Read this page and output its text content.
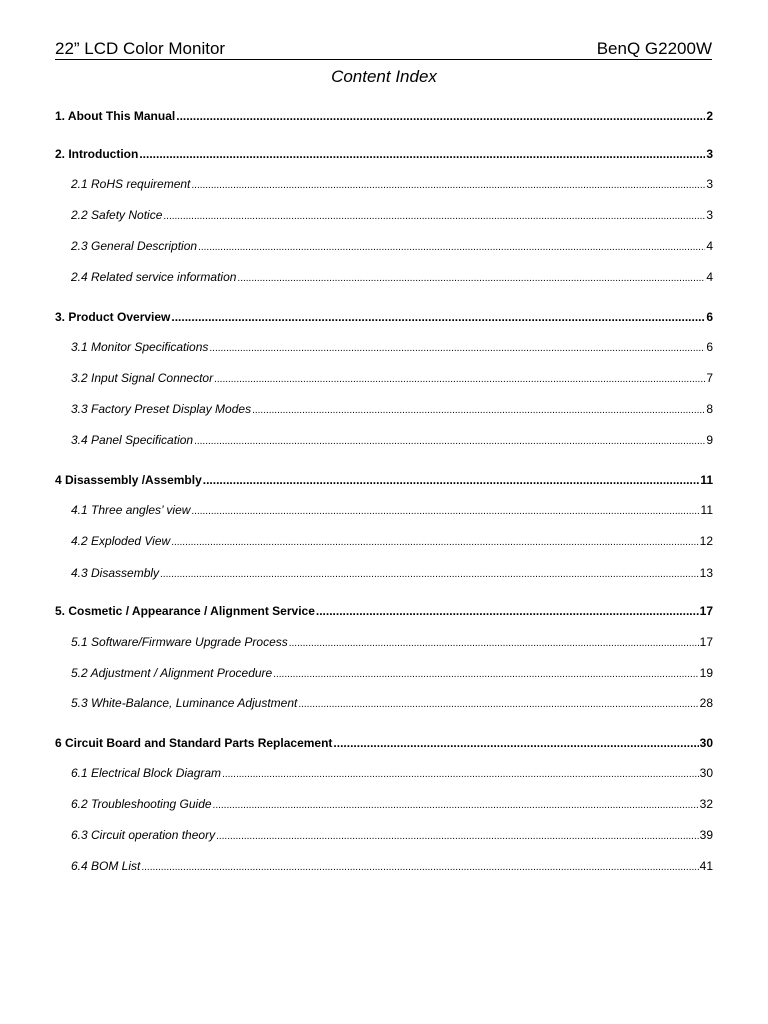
22” LCD Color Monitor	BenQ G2200W
Content Index
1. About This Manual .....	2
2. Introduction .....	3
2.1 RoHS requirement .....	3
2.2 Safety Notice .....	3
2.3 General Description .....	4
2.4 Related service information .....	4
3. Product Overview .....	6
3.1 Monitor Specifications .....	6
3.2 Input Signal Connector .....	7
3.3 Factory Preset Display Modes .....	8
3.4 Panel Specification .....	9
4 Disassembly /Assembly .....	11
4.1 Three angles’ view .....	11
4.2 Exploded View .....	12
4.3 Disassembly .....	13
5. Cosmetic / Appearance / Alignment Service .....	17
5.1 Software/Firmware Upgrade Process .....	17
5.2 Adjustment / Alignment Procedure .....	19
5.3 White-Balance, Luminance Adjustment .....	28
6 Circuit Board and Standard Parts Replacement .....	30
6.1 Electrical Block Diagram .....	30
6.2 Troubleshooting Guide .....	32
6.3 Circuit operation theory .....	39
6.4 BOM List .....	41
